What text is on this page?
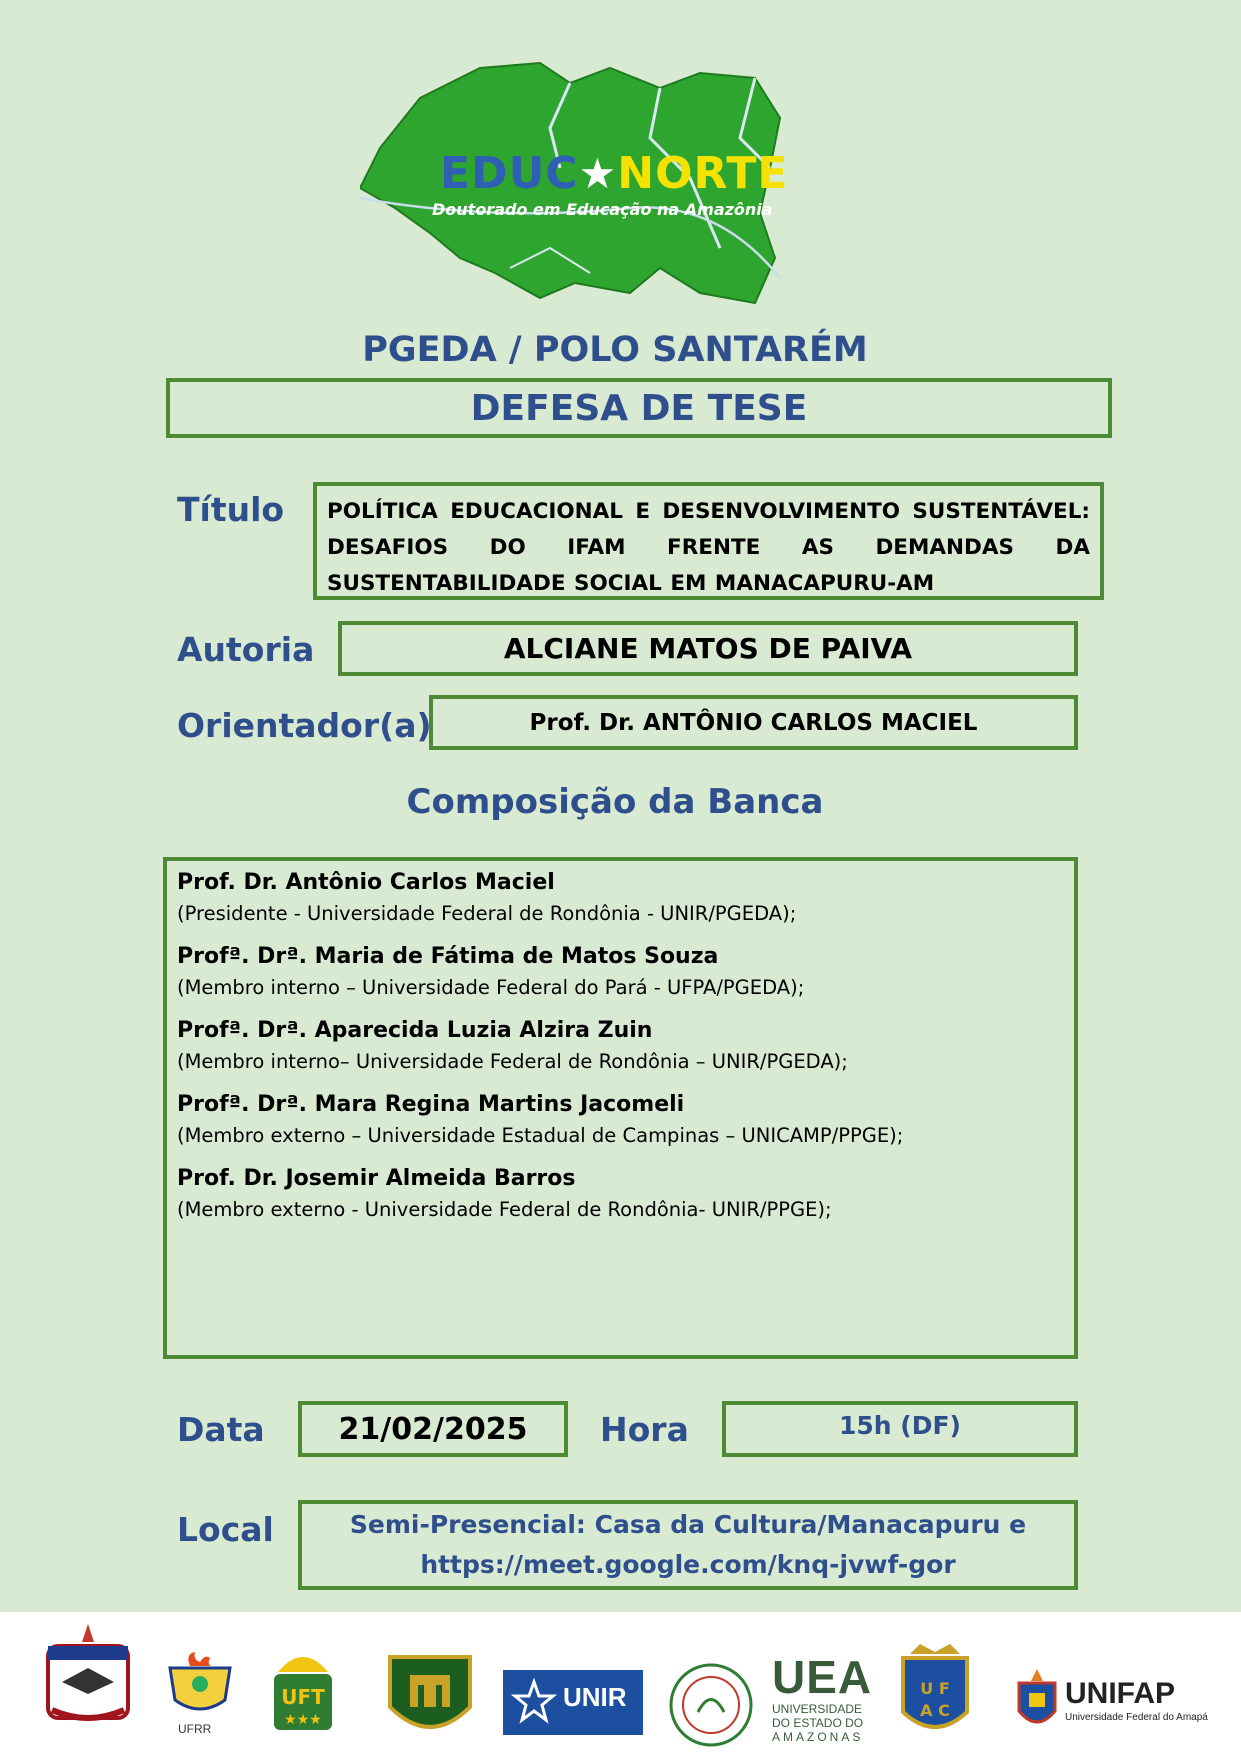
EDUC★NORTE
Doutorado em Educação na Amazônia
PGEDA / POLO SANTARÉM
DEFESA DE TESE
Título POLÍTICA EDUCACIONAL E DESENVOLVIMENTO SUSTENTÁVEL: DESAFIOS DO IFAM FRENTE AS DEMANDAS DA SUSTENTABILIDADE SOCIAL EM MANACAPURU-AM
Autoria	ALCIANE MATOS DE PAIVA
Orientador(a)	Prof. Dr. ANTÔNIO CARLOS MACIEL
Composição da Banca
Prof. Dr. Antônio Carlos Maciel
(Presidente - Universidade Federal de Rondônia - UNIR/PGEDA);
Profª. Drª. Maria de Fátima de Matos Souza
(Membro interno – Universidade Federal do Pará - UFPA/PGEDA);
Profª. Drª. Aparecida Luzia Alzira Zuin
(Membro interno– Universidade Federal de Rondônia – UNIR/PGEDA);
Profª. Drª. Mara Regina Martins Jacomeli
(Membro externo – Universidade Estadual de Campinas – UNICAMP/PPGE);
Prof. Dr. Josemir Almeida Barros
(Membro externo - Universidade Federal de Rondônia- UNIR/PPGE);
Data 21/02/2025 Hora	15h (DF)
Local	Semi-Presencial: Casa da Cultura/Manacapuru e
https://meet.google.com/knq-jvwf-gor
UFRR
UFT
★★★
UNIR	UEA
UNIVERSIDADE
DO ESTADO DO
AMAZONAS
U F
A C
UNIFAP
Universidade Federal do Amapá
